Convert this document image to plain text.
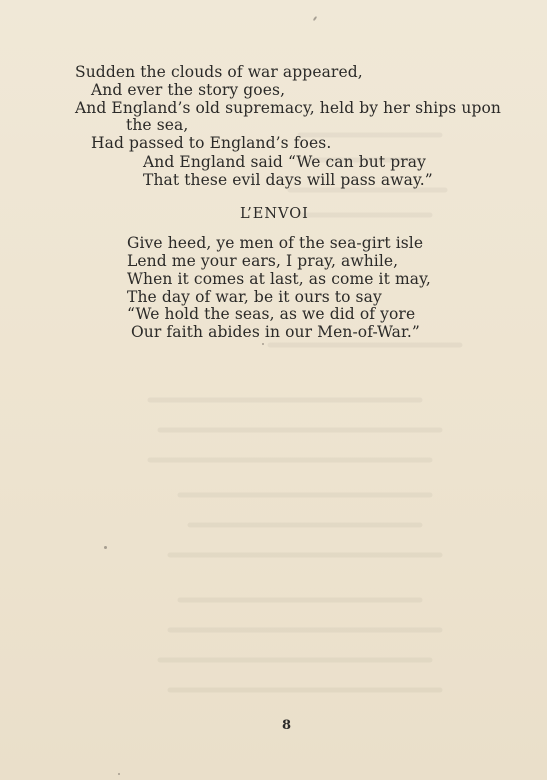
Sudden the clouds of war appeared,
And ever the story goes,
And England’s old supremacy, held by her ships upon
the sea,
Had passed to England’s foes.
And England said “We can but pray
That these evil days will pass away.”
L’ENVOI
Give heed, ye men of the sea-girt isle
Lend me your ears, I pray, awhile,
When it comes at last, as come it may,
The day of war, be it ours to say
“We hold the seas, as we did of yore
Our faith abides in our Men-of-War.”
8
